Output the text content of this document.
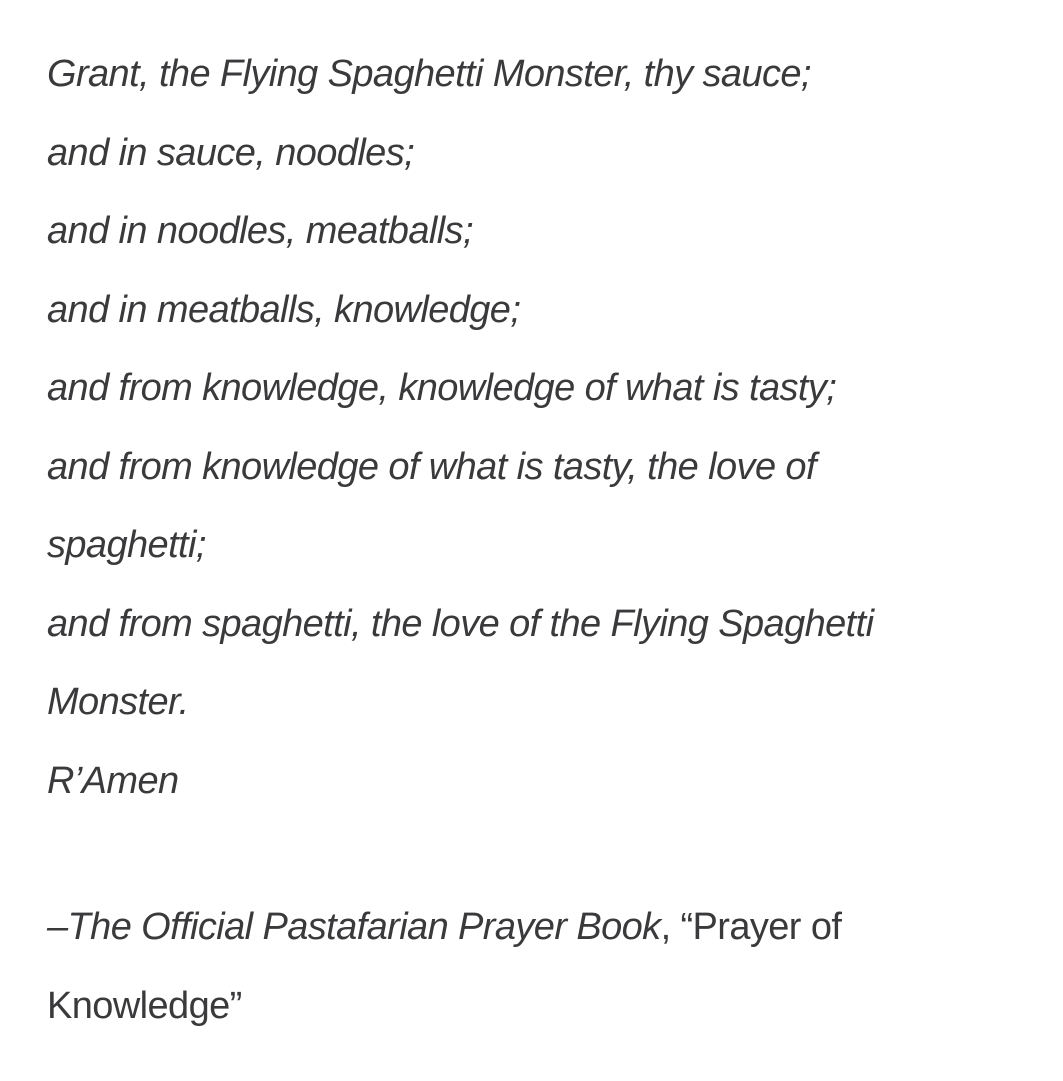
Grant, the Flying Spaghetti Monster, thy sauce;
and in sauce, noodles;
and in noodles, meatballs;
and in meatballs, knowledge;
and from knowledge, knowledge of what is tasty;
and from knowledge of what is tasty, the love of
spaghetti;
and from spaghetti, the love of the Flying Spaghetti
Monster.
R’Amen
–The Official Pastafarian Prayer Book, “Prayer of
Knowledge”
